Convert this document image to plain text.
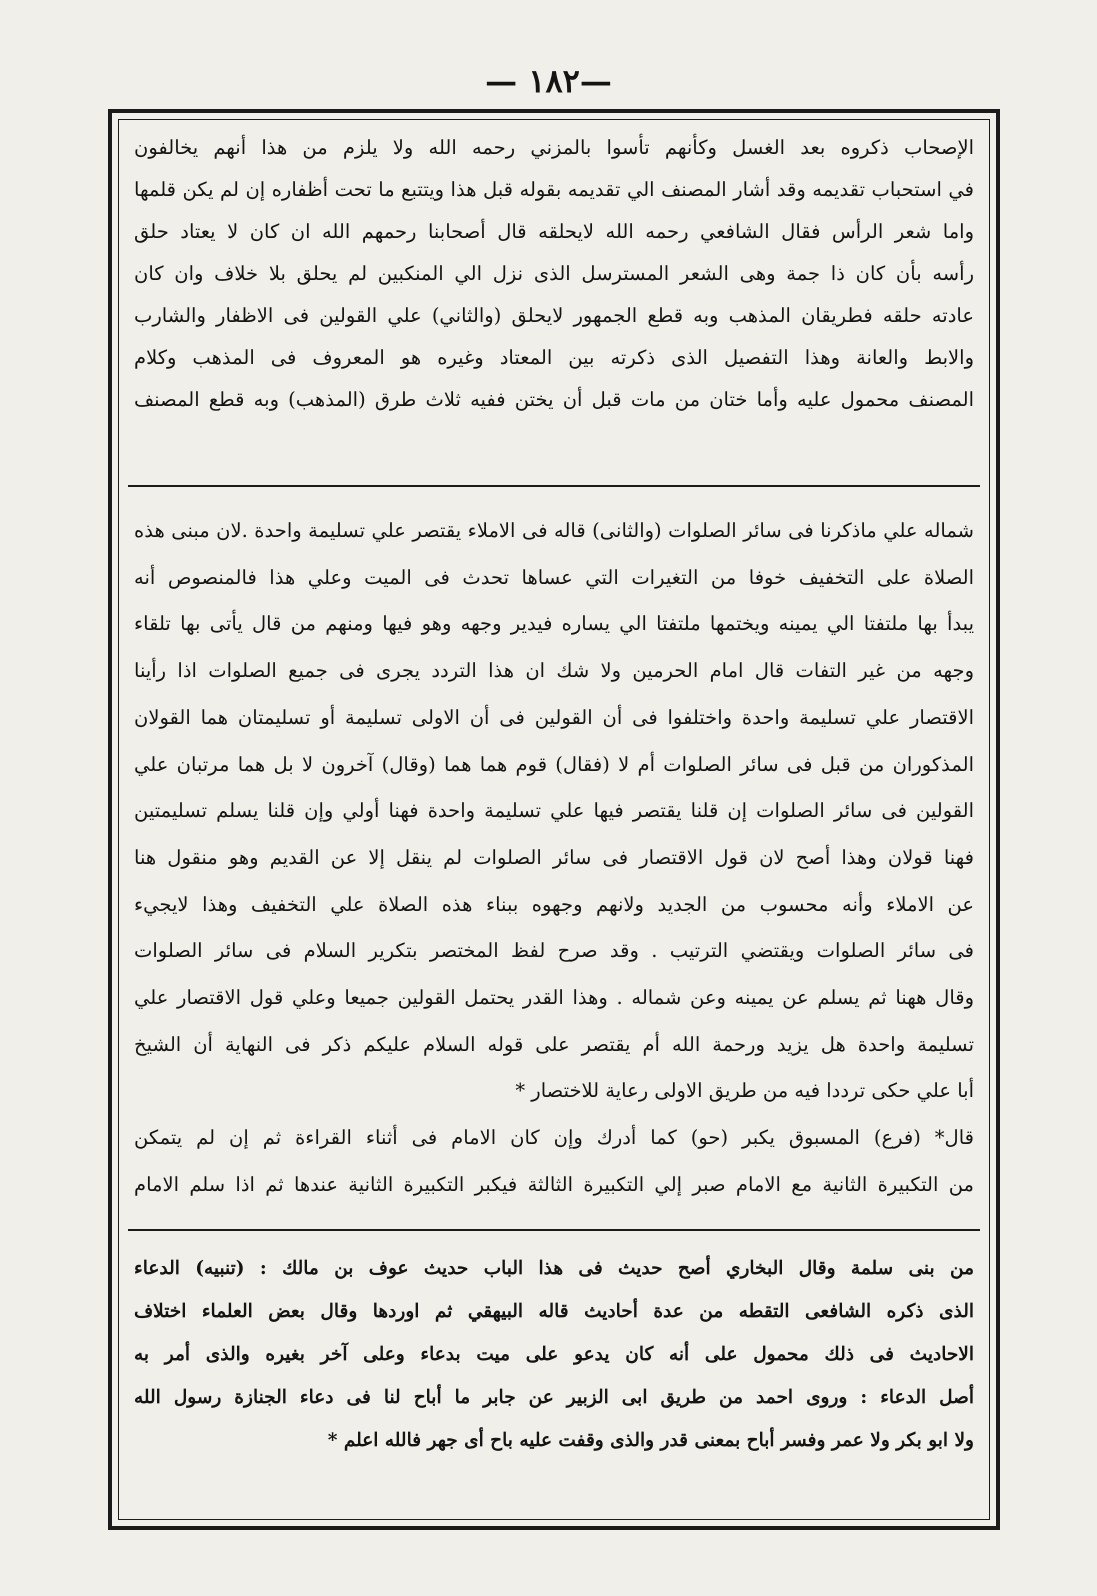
— ١٨٢—
الإصحاب ذكروه بعد الغسل وكأنهم تأسوا بالمزني رحمه الله ولا يلزم من هذا أنهم يخالفون
في استحباب تقديمه وقد أشار المصنف الي تقديمه بقوله قبل هذا ويتتبع ما تحت أظفاره إن لم يكن قلمها
واما شعر الرأس فقال الشافعي رحمه الله لايحلقه قال أصحابنا رحمهم الله ان كان لا يعتاد حلق
رأسه بأن كان ذا جمة وهى الشعر المسترسل الذى نزل الي المنكبين لم يحلق بلا خلاف وان كان
عادته حلقه فطريقان المذهب وبه قطع الجمهور لايحلق (والثاني) علي القولين فى الاظفار والشارب
والابط والعانة وهذا التفصيل الذى ذكرته بين المعتاد وغيره هو المعروف فى المذهب وكلام
المصنف محمول عليه وأما ختان من مات قبل أن يختن ففيه ثلاث طرق (المذهب) وبه قطع المصنف
شماله علي ماذكرنا فى سائر الصلوات (والثانى) قاله فى الاملاء يقتصر علي تسليمة واحدة .لان مبنى هذه
الصلاة على التخفيف خوفا من التغيرات التي عساها تحدث فى الميت وعلي هذا فالمنصوص أنه
يبدأ بها ملتفتا الي يمينه ويختمها ملتفتا الي يساره فيدير وجهه وهو فيها ومنهم من قال يأتى بها تلقاء
وجهه من غير التفات قال امام الحرمين ولا شك ان هذا التردد يجرى فى جميع الصلوات اذا رأينا
الاقتصار علي تسليمة واحدة واختلفوا فى أن القولين فى أن الاولى تسليمة أو تسليمتان هما القولان
المذكوران من قبل فى سائر الصلوات أم لا (فقال) قوم هما هما (وقال) آخرون لا بل هما مرتبان علي
القولين فى سائر الصلوات إن قلنا يقتصر فيها علي تسليمة واحدة فهنا أولي وإن قلنا يسلم تسليمتين
فهنا قولان وهذا أصح لان قول الاقتصار فى سائر الصلوات لم ينقل إلا عن القديم وهو منقول هنا
عن الاملاء وأنه محسوب من الجديد ولانهم وجهوه ببناء هذه الصلاة علي التخفيف وهذا لايجيء
فى سائر الصلوات ويقتضي الترتيب . وقد صرح لفظ المختصر بتكرير السلام فى سائر الصلوات
وقال ههنا ثم يسلم عن يمينه وعن شماله . وهذا القدر يحتمل القولين جميعا وعلي قول الاقتصار علي
تسليمة واحدة هل يزيد ورحمة الله أم يقتصر على قوله السلام عليكم ذكر فى النهاية أن الشيخ
أبا علي حكى ترددا فيه من طريق الاولى رعاية للاختصار *
قال* (فرع) المسبوق يكبر (حو) كما أدرك وإن كان الامام فى أثناء القراءة ثم إن لم يتمكن
من التكبيرة الثانية مع الامام صبر إلي التكبيرة الثالثة فيكبر التكبيرة الثانية عندها ثم اذا سلم الامام
من بنى سلمة وقال البخاري أصح حديث فى هذا الباب حديث عوف بن مالك : (تنبيه) الدعاء
الذى ذكره الشافعى التقطه من عدة أحاديث قاله البيهقي ثم اوردها وقال بعض العلماء اختلاف
الاحاديث فى ذلك محمول على أنه كان يدعو على ميت بدعاء وعلى آخر بغيره والذى أمر به
أصل الدعاء : وروى احمد من طريق ابى الزبير عن جابر ما أباح لنا فى دعاء الجنازة رسول الله
ولا ابو بكر ولا عمر وفسر أباح بمعنى قدر والذى وقفت عليه باح أى جهر فالله اعلم *
